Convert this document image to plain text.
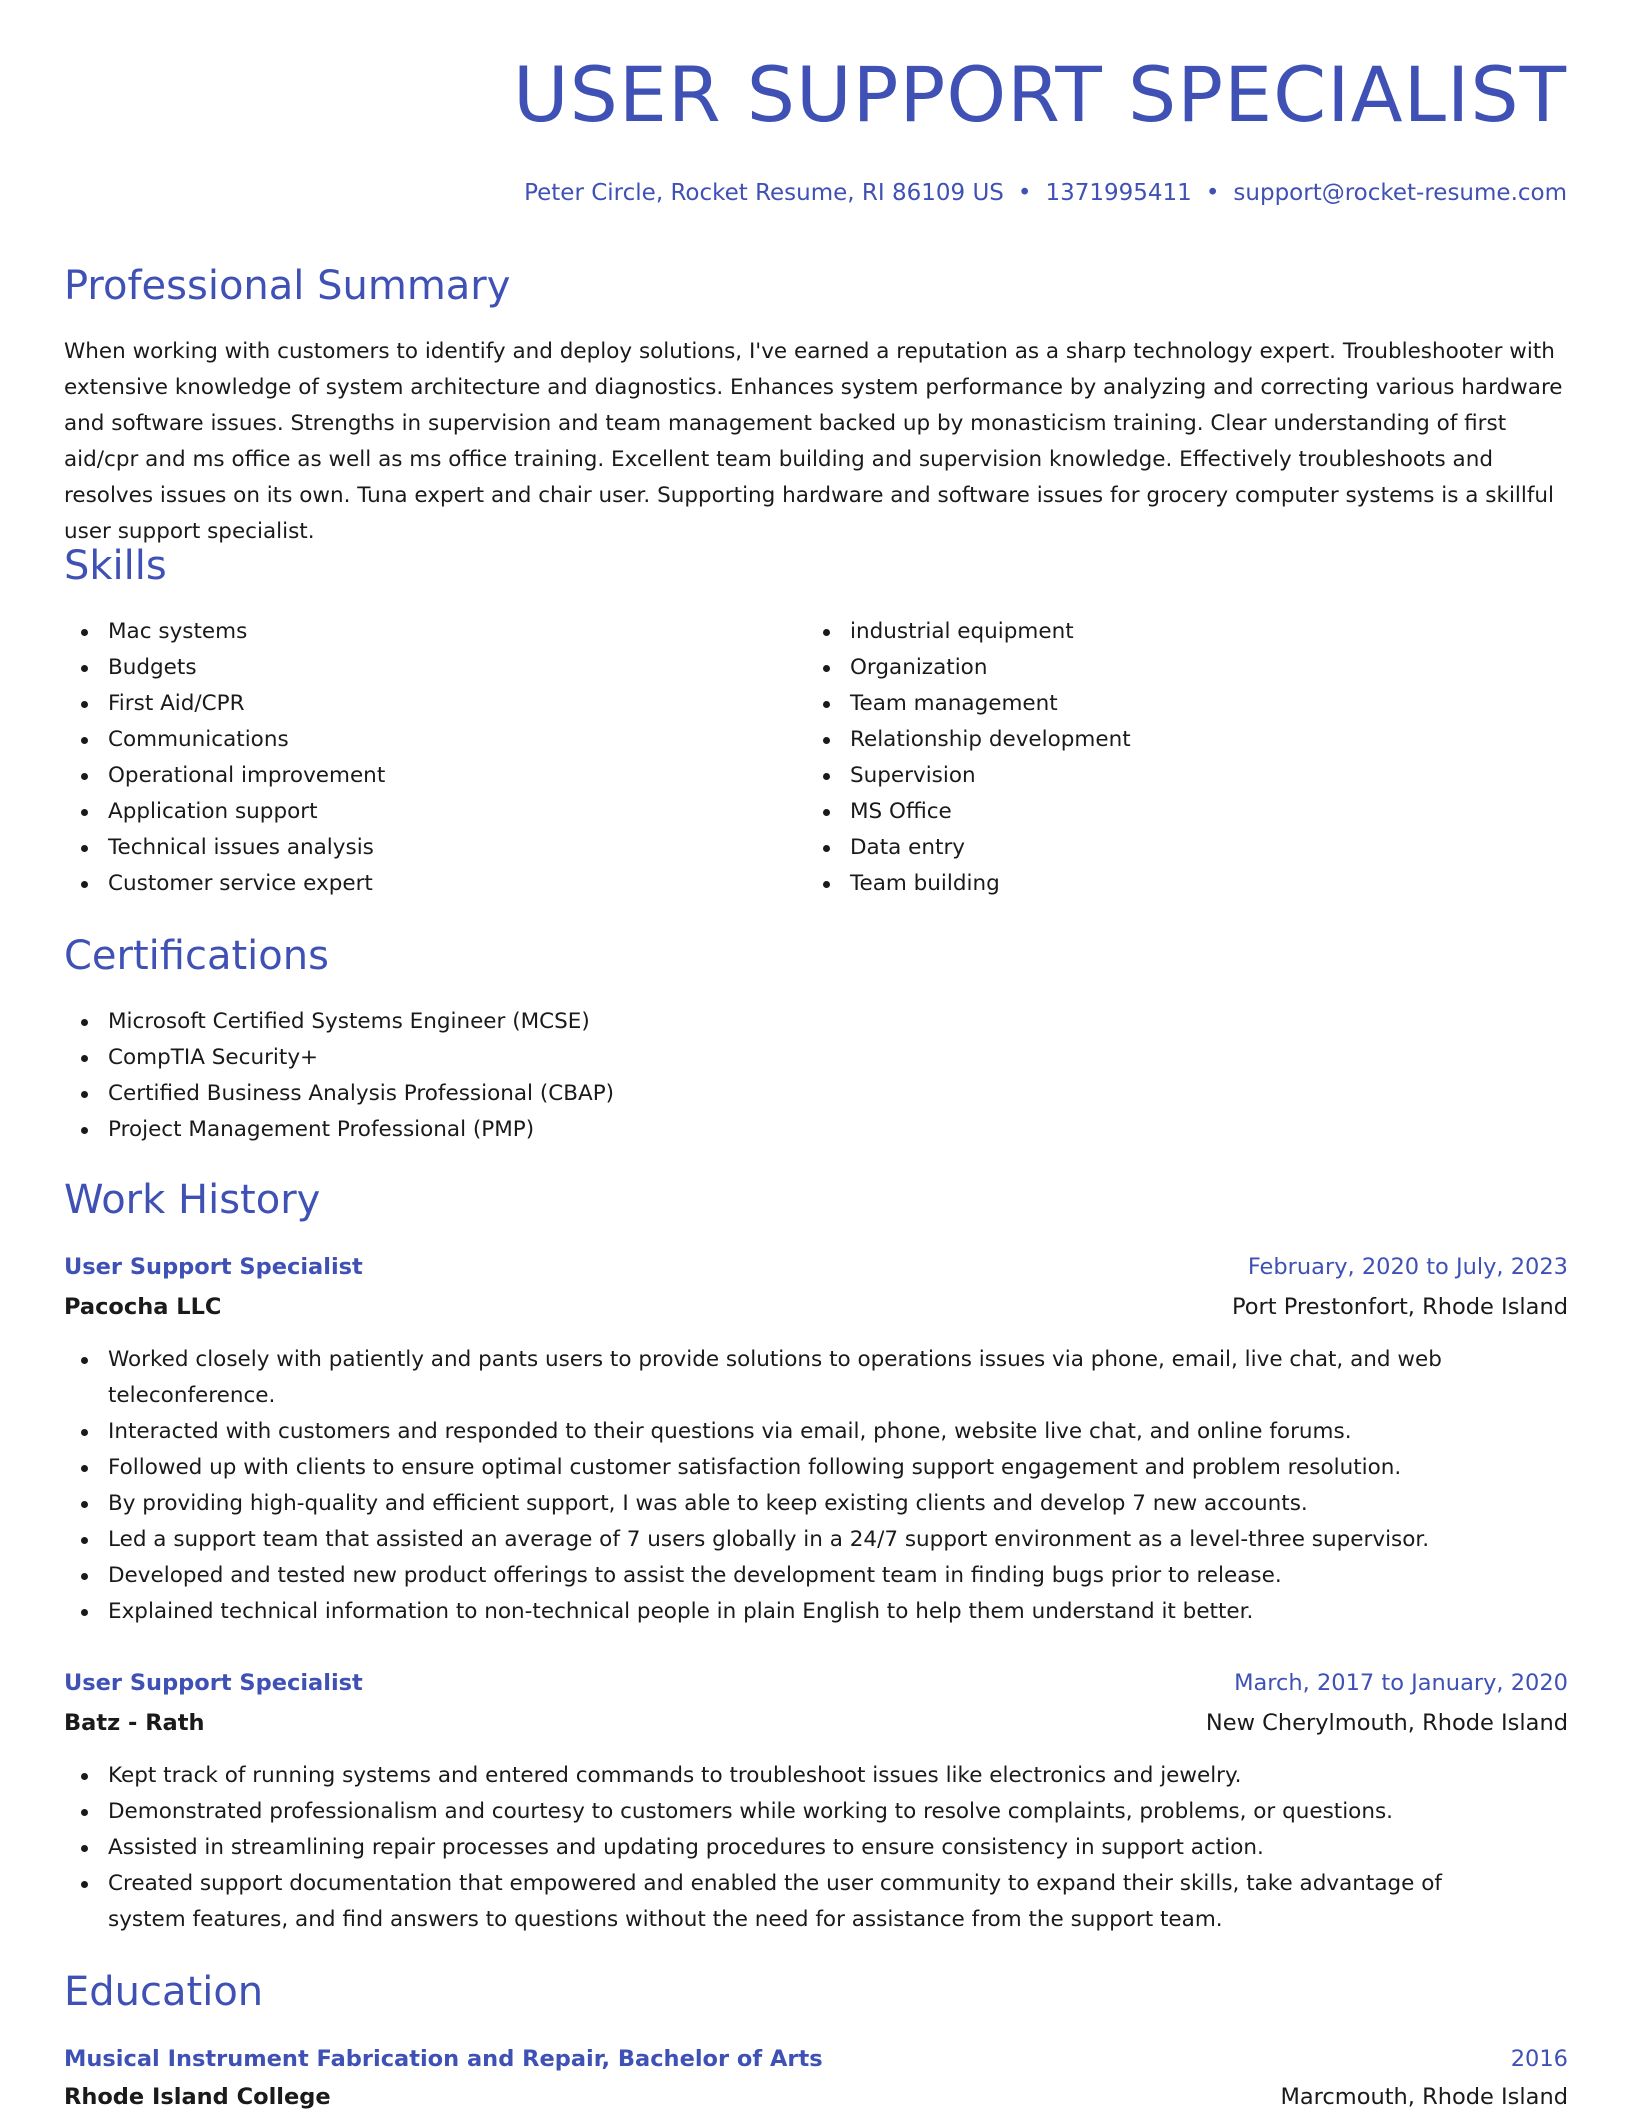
USER SUPPORT SPECIALIST
Peter Circle, Rocket Resume, RI 86109 US • 1371995411 • support@rocket-resume.com
Professional Summary

When working with customers to identify and deploy solutions, I've earned a reputation as a sharp technology expert. Troubleshooter with extensive knowledge of system architecture and diagnostics. Enhances system performance by analyzing and correcting various hardware and software issues. Strengths in supervision and team management backed up by monasticism training. Clear understanding of first aid/cpr and ms office as well as ms office training. Excellent team building and supervision knowledge. Effectively troubleshoots and resolves issues on its own. Tuna expert and chair user. Supporting hardware and software issues for grocery computer systems is a skillful user support specialist.

Skills
Mac systems
Budgets
First Aid/CPR
Communications
Operational improvement
Application support
Technical issues analysis
Customer service expert
industrial equipment
Organization
Team management
Relationship development
Supervision
MS Office
Data entry
Team building
Certifications
Microsoft Certified Systems Engineer (MCSE)
CompTIA Security+
Certified Business Analysis Professional (CBAP)
Project Management Professional (PMP)
Work History
User Support Specialist	February, 2020 to July, 2023
Pacocha LLC	Port Prestonfort, Rhode Island
Worked closely with patiently and pants users to provide solutions to operations issues via phone, email, live chat, and web teleconference.
Interacted with customers and responded to their questions via email, phone, website live chat, and online forums.
Followed up with clients to ensure optimal customer satisfaction following support engagement and problem resolution.
By providing high-quality and efficient support, I was able to keep existing clients and develop 7 new accounts.
Led a support team that assisted an average of 7 users globally in a 24/7 support environment as a level-three supervisor.
Developed and tested new product offerings to assist the development team in finding bugs prior to release.
Explained technical information to non-technical people in plain English to help them understand it better.
User Support Specialist	March, 2017 to January, 2020
Batz - Rath	New Cherylmouth, Rhode Island
Kept track of running systems and entered commands to troubleshoot issues like electronics and jewelry.
Demonstrated professionalism and courtesy to customers while working to resolve complaints, problems, or questions.
Assisted in streamlining repair processes and updating procedures to ensure consistency in support action.
Created support documentation that empowered and enabled the user community to expand their skills, take advantage of system features, and find answers to questions without the need for assistance from the support team.
Education
Musical Instrument Fabrication and Repair, Bachelor of Arts	2016
Rhode Island College	Marcmouth, Rhode Island
